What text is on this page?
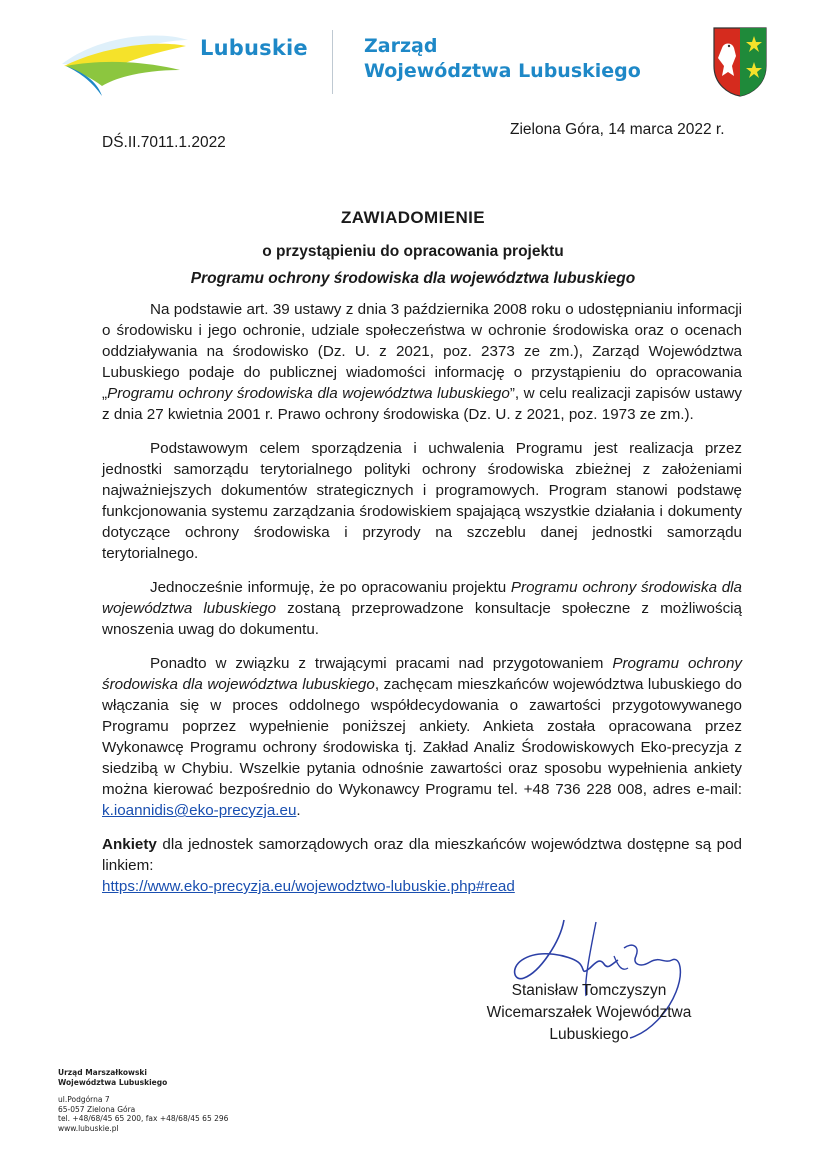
Lubuskie	Zarząd
Województwa Lubuskiego
DŚ.II.7011.1.2022
Zielona Góra, 14 marca 2022 r.
ZAWIADOMIENIE
o przystąpieniu do opracowania projektu
Programu ochrony środowiska dla województwa lubuskiego

Na podstawie art. 39 ustawy z dnia 3 października 2008 roku o udostępnianiu informacji o środowisku i jego ochronie, udziale społeczeństwa w ochronie środowiska oraz o ocenach oddziaływania na środowisko (Dz. U. z 2021, poz. 2373 ze zm.), Zarząd Województwa Lubuskiego podaje do publicznej wiadomości informację o przystąpieniu do opracowania „Programu ochrony środowiska dla województwa lubuskiego”, w celu realizacji zapisów ustawy z dnia 27 kwietnia 2001 r. Prawo ochrony środowiska (Dz. U. z 2021, poz. 1973 ze zm.).

Podstawowym celem sporządzenia i uchwalenia Programu jest realizacja przez jednostki samorządu terytorialnego polityki ochrony środowiska zbieżnej z założeniami najważniejszych dokumentów strategicznych i programowych. Program stanowi podstawę funkcjonowania systemu zarządzania środowiskiem spajającą wszystkie działania i dokumenty dotyczące ochrony środowiska i przyrody na szczeblu danej jednostki samorządu terytorialnego.

Jednocześnie informuję, że po opracowaniu projektu Programu ochrony środowiska dla województwa lubuskiego zostaną przeprowadzone konsultacje społeczne z możliwością wnoszenia uwag do dokumentu.

Ponadto w związku z trwającymi pracami nad przygotowaniem Programu ochrony środowiska dla województwa lubuskiego, zachęcam mieszkańców województwa lubuskiego do włączania się w proces oddolnego współdecydowania o zawartości przygotowywanego Programu poprzez wypełnienie poniższej ankiety. Ankieta została opracowana przez Wykonawcę Programu ochrony środowiska tj. Zakład Analiz Środowiskowych Eko-precyzja z siedzibą w Chybiu. Wszelkie pytania odnośnie zawartości oraz sposobu wypełnienia ankiety można kierować bezpośrednio do Wykonawcy Programu tel. +48 736 228 008, adres e-mail: k.ioannidis@eko-precyzja.eu.

Ankiety dla jednostek samorządowych oraz dla mieszkańców województwa dostępne są pod linkiem:
https://www.eko-precyzja.eu/wojewodztwo-lubuskie.php#read

Stanisław Tomczyszyn
Wicemarszałek Województwa
Lubuskiego
Urząd Marszałkowski
Województwa Lubuskiego
ul.Podgórna 7
65-057 Zielona Góra
tel. +48/68/45 65 200, fax +48/68/45 65 296
www.lubuskie.pl
